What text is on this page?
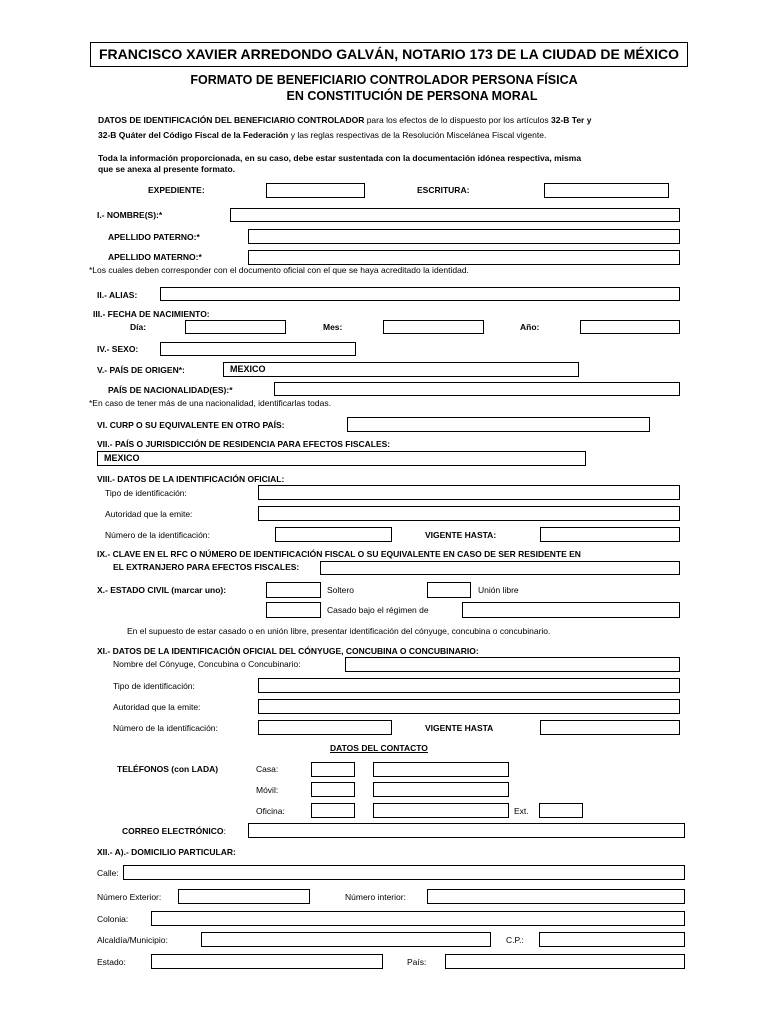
FRANCISCO XAVIER ARREDONDO GALVÁN, NOTARIO 173 DE LA CIUDAD DE MÉXICO
FORMATO DE BENEFICIARIO CONTROLADOR PERSONA FÍSICA
EN CONSTITUCIÓN DE PERSONA MORAL
DATOS DE IDENTIFICACIÓN DEL BENEFICIARIO CONTROLADOR para los efectos de lo dispuesto por los artículos 32-B Ter y
32-B Quáter del Código Fiscal de la Federación y las reglas respectivas de la Resolución Miscelánea Fiscal vigente.
Toda la información proporcionada, en su caso, debe estar sustentada con la documentación idónea respectiva, misma
que se anexa al presente formato.
EXPEDIENTE:	ESCRITURA:
I.- NOMBRE(S):*
APELLIDO PATERNO:*
APELLIDO MATERNO:*
*Los cuales deben corresponder con el documento oficial con el que se haya acreditado la identidad.
II.- ALIAS:
III.- FECHA DE NACIMIENTO:
Día:	Mes:	Año:
IV.- SEXO:
V.- PAÍS DE ORIGEN*:	MEXICO
PAÍS DE NACIONALIDAD(ES):*
*En caso de tener más de una nacionalidad, identificarlas todas.
VI. CURP O SU EQUIVALENTE EN OTRO PAÍS:
VII.- PAÍS O JURISDICCIÓN DE RESIDENCIA PARA EFECTOS FISCALES:
MEXICO
VIII.- DATOS DE LA IDENTIFICACIÓN OFICIAL:
Tipo de identificación:
Autoridad que la emite:
Número de la identificación:	VIGENTE HASTA:
IX.- CLAVE EN EL RFC O NÚMERO DE IDENTIFICACIÓN FISCAL O SU EQUIVALENTE EN CASO DE SER RESIDENTE EN
EL EXTRANJERO PARA EFECTOS FISCALES:
X.- ESTADO CIVIL (marcar uno):	Soltero	Unión libre
Casado bajo el régimen de
En el supuesto de estar casado o en unión libre, presentar identificación del cónyuge, concubina o concubinario.
XI.- DATOS DE LA IDENTIFICACIÓN OFICIAL DEL CÓNYUGE, CONCUBINA O CONCUBINARIO:
Nombre del Cónyuge, Concubina o Concubinario:
Tipo de identificación:
Autoridad que la emite:
Número de la identificación:	VIGENTE HASTA
DATOS DEL CONTACTO
TELÉFONOS (con LADA)	Casa:
Móvil:
Oficina:	Ext.
CORREO ELECTRÓNICO:
XII.- A).- DOMICILIO PARTICULAR:
Calle:
Número Exterior:	Número interior:
Colonia:
Alcaldía/Municipio:	C.P.:
Estado:	País:
